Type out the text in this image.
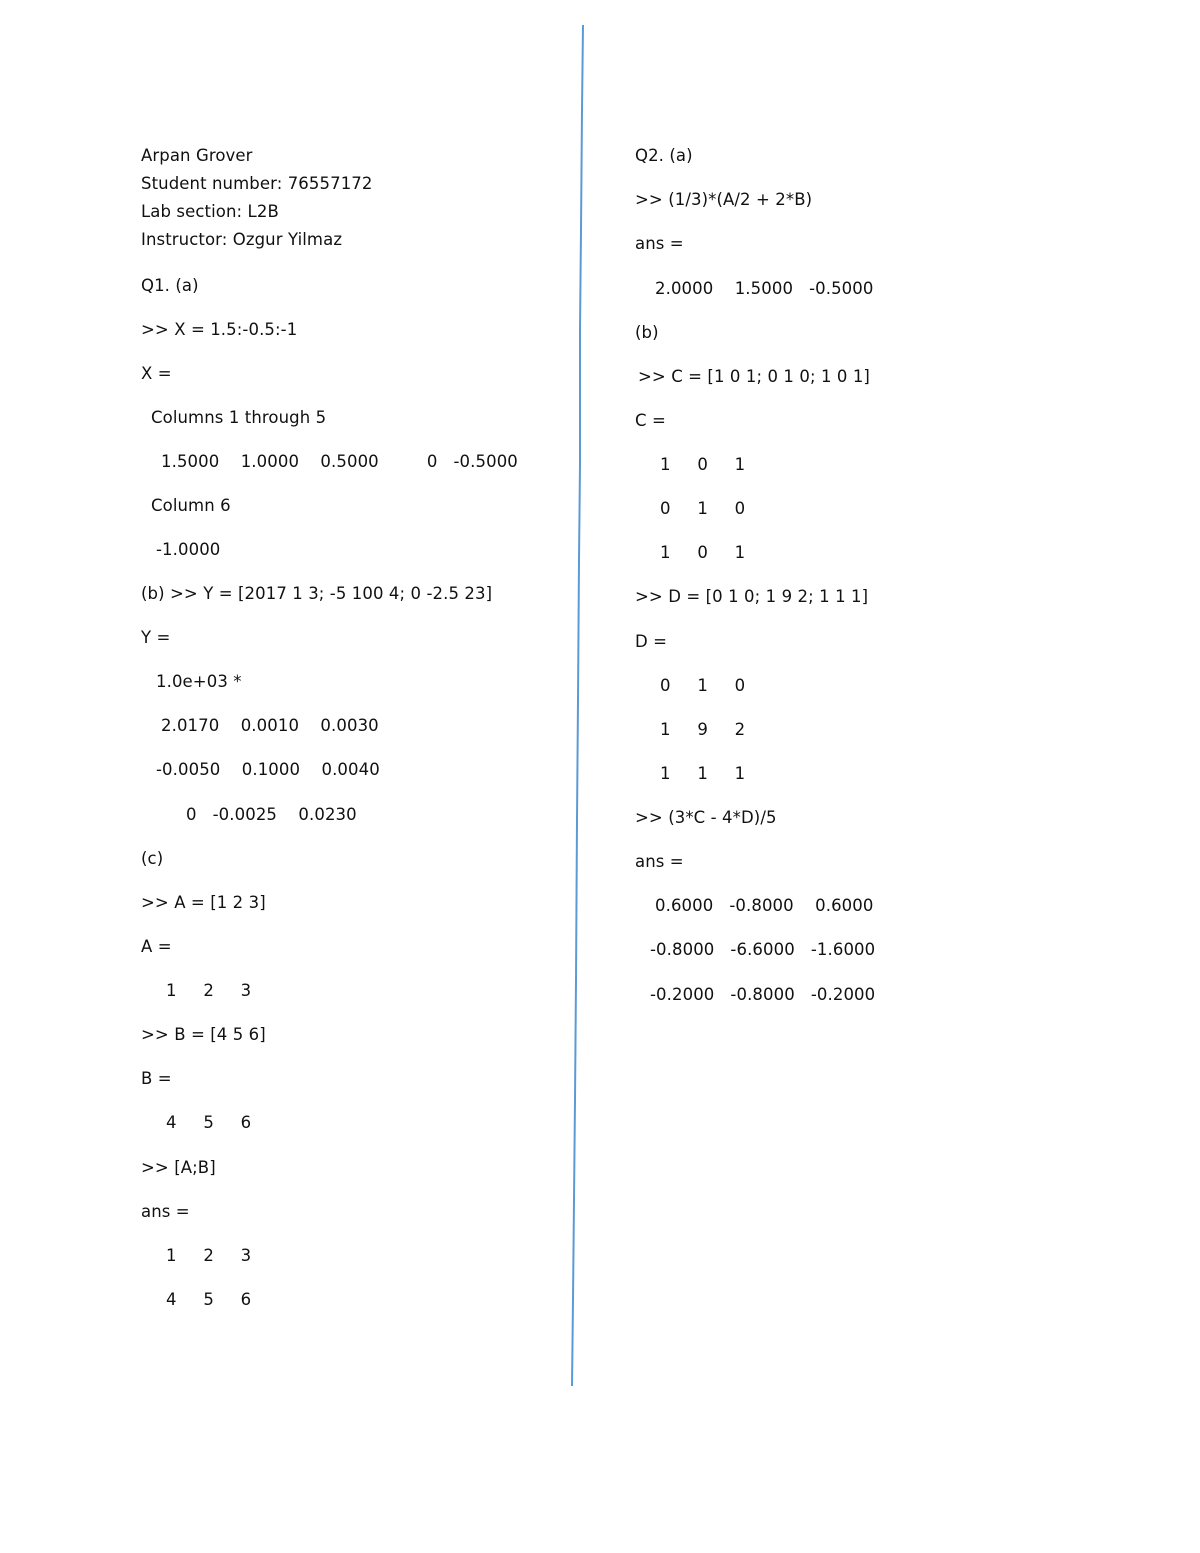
Arpan Grover
Student number: 76557172
Lab section: L2B
Instructor: Ozgur Yilmaz
Q1. (a)
>> X = 1.5:-0.5:-1
X =
Columns 1 through 5
1.5000    1.0000    0.5000         0   -0.5000
Column 6
-1.0000
(b) >> Y = [2017 1 3; -5 100 4; 0 -2.5 23]
Y =
1.0e+03 *
2.0170    0.0010    0.0030
-0.0050    0.1000    0.0040
0   -0.0025    0.0230
(c)
>> A = [1 2 3]
A =
1     2     3
>> B = [4 5 6]
B =
4     5     6
>> [A;B]
ans =
1     2     3
4     5     6
Q2. (a)
>> (1/3)*(A/2 + 2*B)
ans =
2.0000    1.5000   -0.5000
(b)
>> C = [1 0 1; 0 1 0; 1 0 1]
C =
1     0     1
0     1     0
1     0     1
>> D = [0 1 0; 1 9 2; 1 1 1]
D =
0     1     0
1     9     2
1     1     1
>> (3*C - 4*D)/5
ans =
0.6000   -0.8000    0.6000
-0.8000   -6.6000   -1.6000
-0.2000   -0.8000   -0.2000
